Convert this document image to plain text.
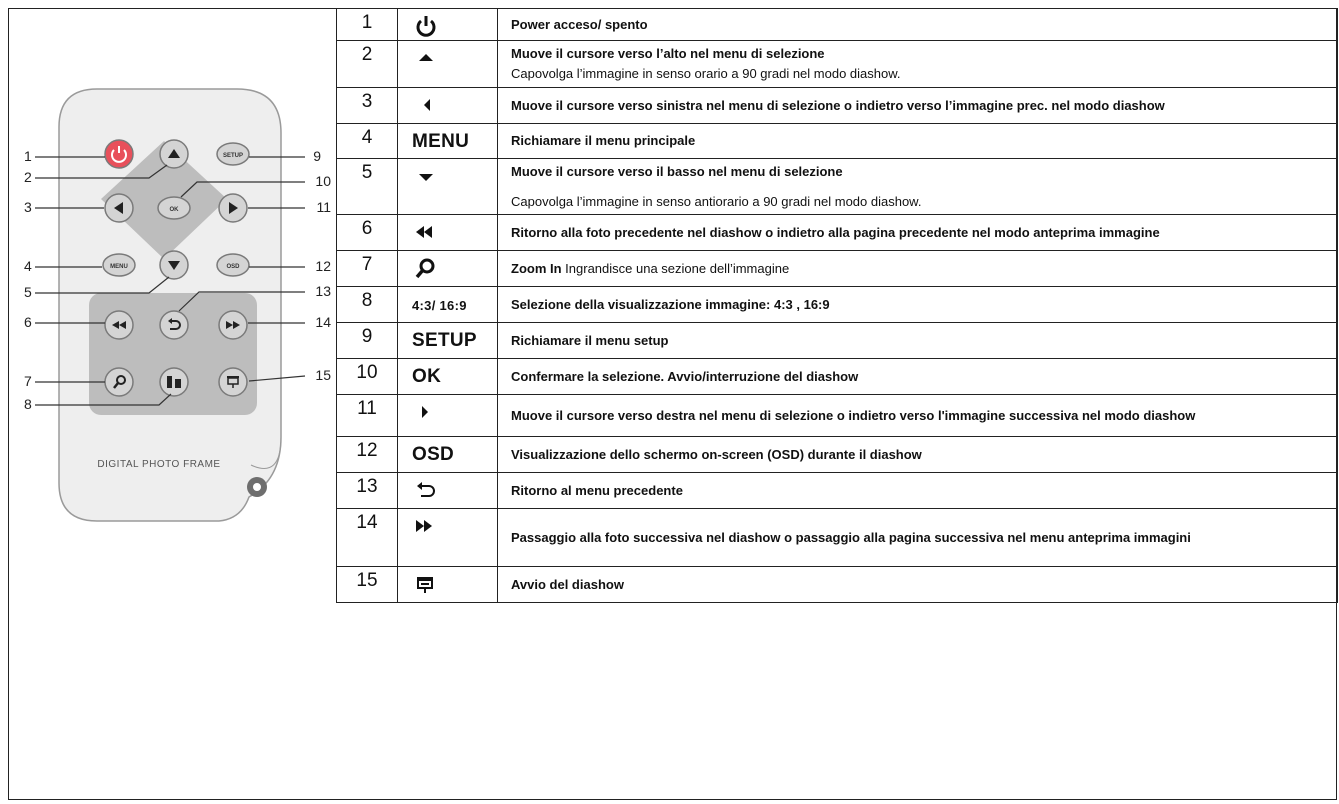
SETUP
OK
MENU	OSD
1
2
3
4
5
6
7
8
9
10
11
12
13
14
15
DIGITAL PHOTO FRAME
1		Power acceso/ spento
2		Muove il cursore verso l’alto nel menu di selezione
Capovolga l’immagine in senso orario a 90 gradi nel modo diashow.
3		Muove il cursore verso sinistra nel menu di selezione o indietro verso l’immagine prec. nel modo diashow
4	MENU	Richiamare il menu principale
5		Muove il cursore verso il basso nel menu di selezione
Capovolga l’immagine in senso antiorario a 90 gradi nel modo diashow.
6		Ritorno alla foto precedente nel diashow o indietro alla pagina precedente nel modo anteprima immagine
7		Zoom In Ingrandisce una sezione dell’immagine
8	4:3/ 16:9	Selezione della visualizzazione immagine: 4:3 , 16:9
9	SETUP	Richiamare il menu setup
10	OK	Confermare la selezione. Avvio/interruzione del diashow
11		Muove il cursore verso destra nel menu di selezione o indietro verso l'immagine successiva nel modo diashow
12	OSD	Visualizzazione dello schermo on-screen (OSD) durante il diashow
13		Ritorno al menu precedente
14		Passaggio alla foto successiva nel diashow o passaggio alla pagina successiva nel menu anteprima immagini
15		Avvio del diashow
